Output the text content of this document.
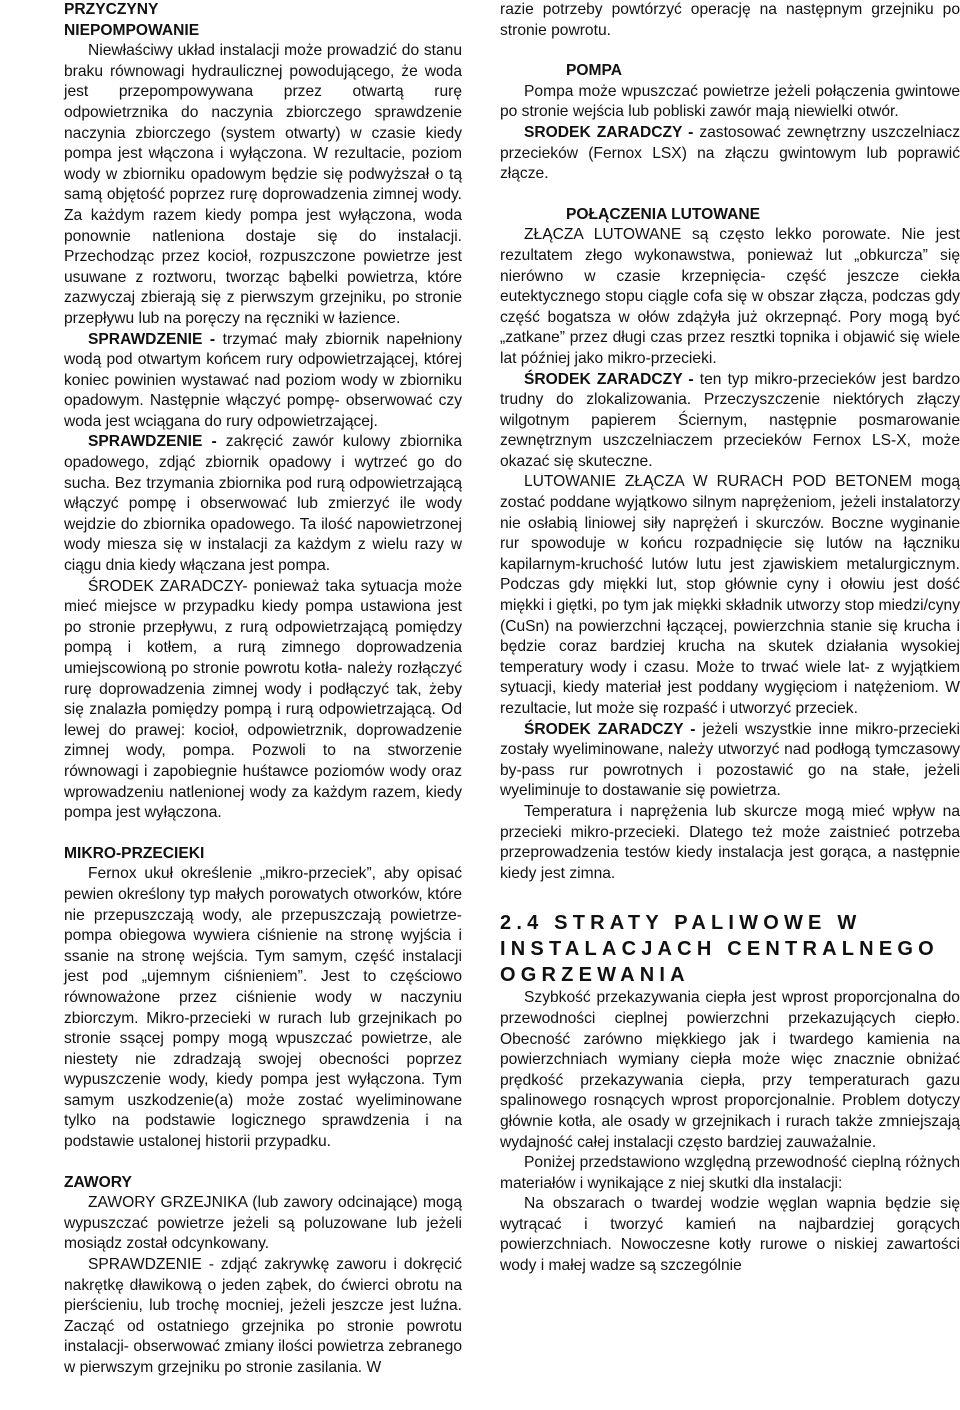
PRZYCZYNY

NIEPOMPOWANIE

Niewłaściwy układ instalacji może prowadzić do stanu braku równowagi hydraulicznej powodującego, że woda jest przepompowywana przez otwartą rurę odpowietrznika do naczynia zbiorczego sprawdzenie naczynia zbiorczego (system otwarty) w czasie kiedy pompa jest włączona i wyłączona. W rezultacie, poziom wody w zbiorniku opadowym będzie się podwyższał o tą samą objętość poprzez rurę doprowadzenia zimnej wody. Za każdym razem kiedy pompa jest wyłączona, woda ponownie natleniona dostaje się do instalacji. Przechodząc przez kocioł, rozpuszczone powietrze jest usuwane z roztworu, tworząc bąbelki powietrza, które zazwyczaj zbierają się z pierwszym grzejniku, po stronie przepływu lub na poręczy na ręczniki w łazience.

SPRAWDZENIE - trzymać mały zbiornik napełniony wodą pod otwartym końcem rury odpowietrzającej, której koniec powinien wystawać nad poziom wody w zbiorniku opadowym. Następnie włączyć pompę- obserwować czy woda jest wciągana do rury odpowietrzającej.

SPRAWDZENIE - zakręcić zawór kulowy zbiornika opadowego, zdjąć zbiornik opadowy i wytrzeć go do sucha. Bez trzymania zbiornika pod rurą odpowietrzającą włączyć pompę i obserwować lub zmierzyć ile wody wejdzie do zbiornika opadowego. Ta ilość napowietrzonej wody miesza się w instalacji za każdym z wielu razy w ciągu dnia kiedy włączana jest pompa.

ŚRODEK ZARADCZY- ponieważ taka sytuacja może mieć miejsce w przypadku kiedy pompa ustawiona jest po stronie przepływu, z rurą odpowietrzającą pomiędzy pompą i kotłem, a rurą zimnego doprowadzenia umiejscowioną po stronie powrotu kotła- należy rozłączyć rurę doprowadzenia zimnej wody i podłączyć tak, żeby się znalazła pomiędzy pompą i rurą odpowietrzającą. Od lewej do prawej: kocioł, odpowietrznik, doprowadzenie zimnej wody, pompa. Pozwoli to na stworzenie równowagi i zapobiegnie huśtawce poziomów wody oraz wprowadzeniu natlenionej wody za każdym razem, kiedy pompa jest wyłączona.

MIKRO-PRZECIEKI

Fernox ukuł określenie „mikro-przeciek”, aby opisać pewien określony typ małych porowatych otworków, które nie przepuszczają wody, ale przepuszczają powietrze- pompa obiegowa wywiera ciśnienie na stronę wyjścia i ssanie na stronę wejścia. Tym samym, część instalacji jest pod „ujemnym ciśnieniem”. Jest to częściowo równoważone przez ciśnienie wody w naczyniu zbiorczym. Mikro-przecieki w rurach lub grzejnikach po stronie ssącej pompy mogą wpuszczać powietrze, ale niestety nie zdradzają swojej obecności poprzez wypuszczenie wody, kiedy pompa jest wyłączona. Tym samym uszkodzenie(a) może zostać wyeliminowane tylko na podstawie logicznego sprawdzenia i na podstawie ustalonej historii przypadku.

ZAWORY

ZAWORY GRZEJNIKA (lub zawory odcinające) mogą wypuszczać powietrze jeżeli są poluzowane lub jeżeli mosiądz został odcynkowany.

SPRAWDZENIE - zdjąć zakrywkę zaworu i dokręcić nakrętkę dławikową o jeden ząbek, do ćwierci obrotu na pierścieniu, lub trochę mocniej, jeżeli jeszcze jest luźna. Zacząć od ostatniego grzejnika po stronie powrotu instalacji- obserwować zmiany ilości powietrza zebranego w pierwszym grzejniku po stronie zasilania. W

razie potrzeby powtórzyć operację na następnym grzejniku po stronie powrotu.

POMPA

Pompa może wpuszczać powietrze jeżeli połączenia gwintowe po stronie wejścia lub pobliski zawór mają niewielki otwór.

SRODEK ZARADCZY - zastosować zewnętrzny uszczelniacz przecieków (Fernox LSX) na złączu gwintowym lub poprawić złącze.

POŁĄCZENIA LUTOWANE

ZŁĄCZA LUTOWANE są często lekko porowate. Nie jest rezultatem złego wykonawstwa, ponieważ lut „obkurcza” się nierówno w czasie krzepnięcia- część jeszcze ciekła eutektycznego stopu ciągle cofa się w obszar złącza, podczas gdy część bogatsza w ołów zdążyła już okrzepnąć. Pory mogą być „zatkane” przez długi czas przez resztki topnika i objawić się wiele lat później jako mikro-przecieki.

ŚRODEK ZARADCZY - ten typ mikro-przecieków jest bardzo trudny do zlokalizowania. Przeczyszczenie niektórych złączy wilgotnym papierem Ściernym, następnie posmarowanie zewnętrznym uszczelniaczem przecieków Fernox LS-X, może okazać się skuteczne.

LUTOWANIE ZŁĄCZA W RURACH POD BETONEM mogą zostać poddane wyjątkowo silnym naprężeniom, jeżeli instalatorzy nie osłabią liniowej siły naprężeń i skurczów. Boczne wyginanie rur spowoduje w końcu rozpadnięcie się lutów na łączniku kapilarnym-kruchość lutów lutu jest zjawiskiem metalurgicznym. Podczas gdy miękki lut, stop głównie cyny i ołowiu jest dość miękki i giętki, po tym jak miękki składnik utworzy stop miedzi/cyny (CuSn) na powierzchni łączącej, powierzchnia stanie się krucha i będzie coraz bardziej krucha na skutek działania wysokiej temperatury wody i czasu. Może to trwać wiele lat- z wyjątkiem sytuacji, kiedy materiał jest poddany wygięciom i natężeniom. W rezultacie, lut może się rozpaść i utworzyć przeciek.

ŚRODEK ZARADCZY - jeżeli wszystkie inne mikro-przecieki zostały wyeliminowane, należy utworzyć nad podłogą tymczasowy by-pass rur powrotnych i pozostawić go na stałe, jeżeli wyeliminuje to dostawanie się powietrza.

Temperatura i naprężenia lub skurcze mogą mieć wpływ na przecieki mikro-przecieki. Dlatego też może zaistnieć potrzeba przeprowadzenia testów kiedy instalacja jest gorąca, a następnie kiedy jest zimna.

2.4 STRATY PALIWOWE W INSTALACJACH CENTRALNEGO OGRZEWANIA

Szybkość przekazywania ciepła jest wprost proporcjonalna do przewodności cieplnej powierzchni przekazujących ciepło. Obecność zarówno miękkiego jak i twardego kamienia na powierzchniach wymiany ciepła może więc znacznie obniżać prędkość przekazywania ciepła, przy temperaturach gazu spalinowego rosnących wprost proporcjonalnie. Problem dotyczy głównie kotła, ale osady w grzejnikach i rurach także zmniejszają wydajność całej instalacji często bardziej zauważalnie.

Poniżej przedstawiono względną przewodność cieplną różnych materiałów i wynikające z niej skutki dla instalacji:

Na obszarach o twardej wodzie węglan wapnia będzie się wytrącać i tworzyć kamień na najbardziej gorących powierzchniach. Nowoczesne kotły rurowe o niskiej zawartości wody i małej wadze są szczególnie
